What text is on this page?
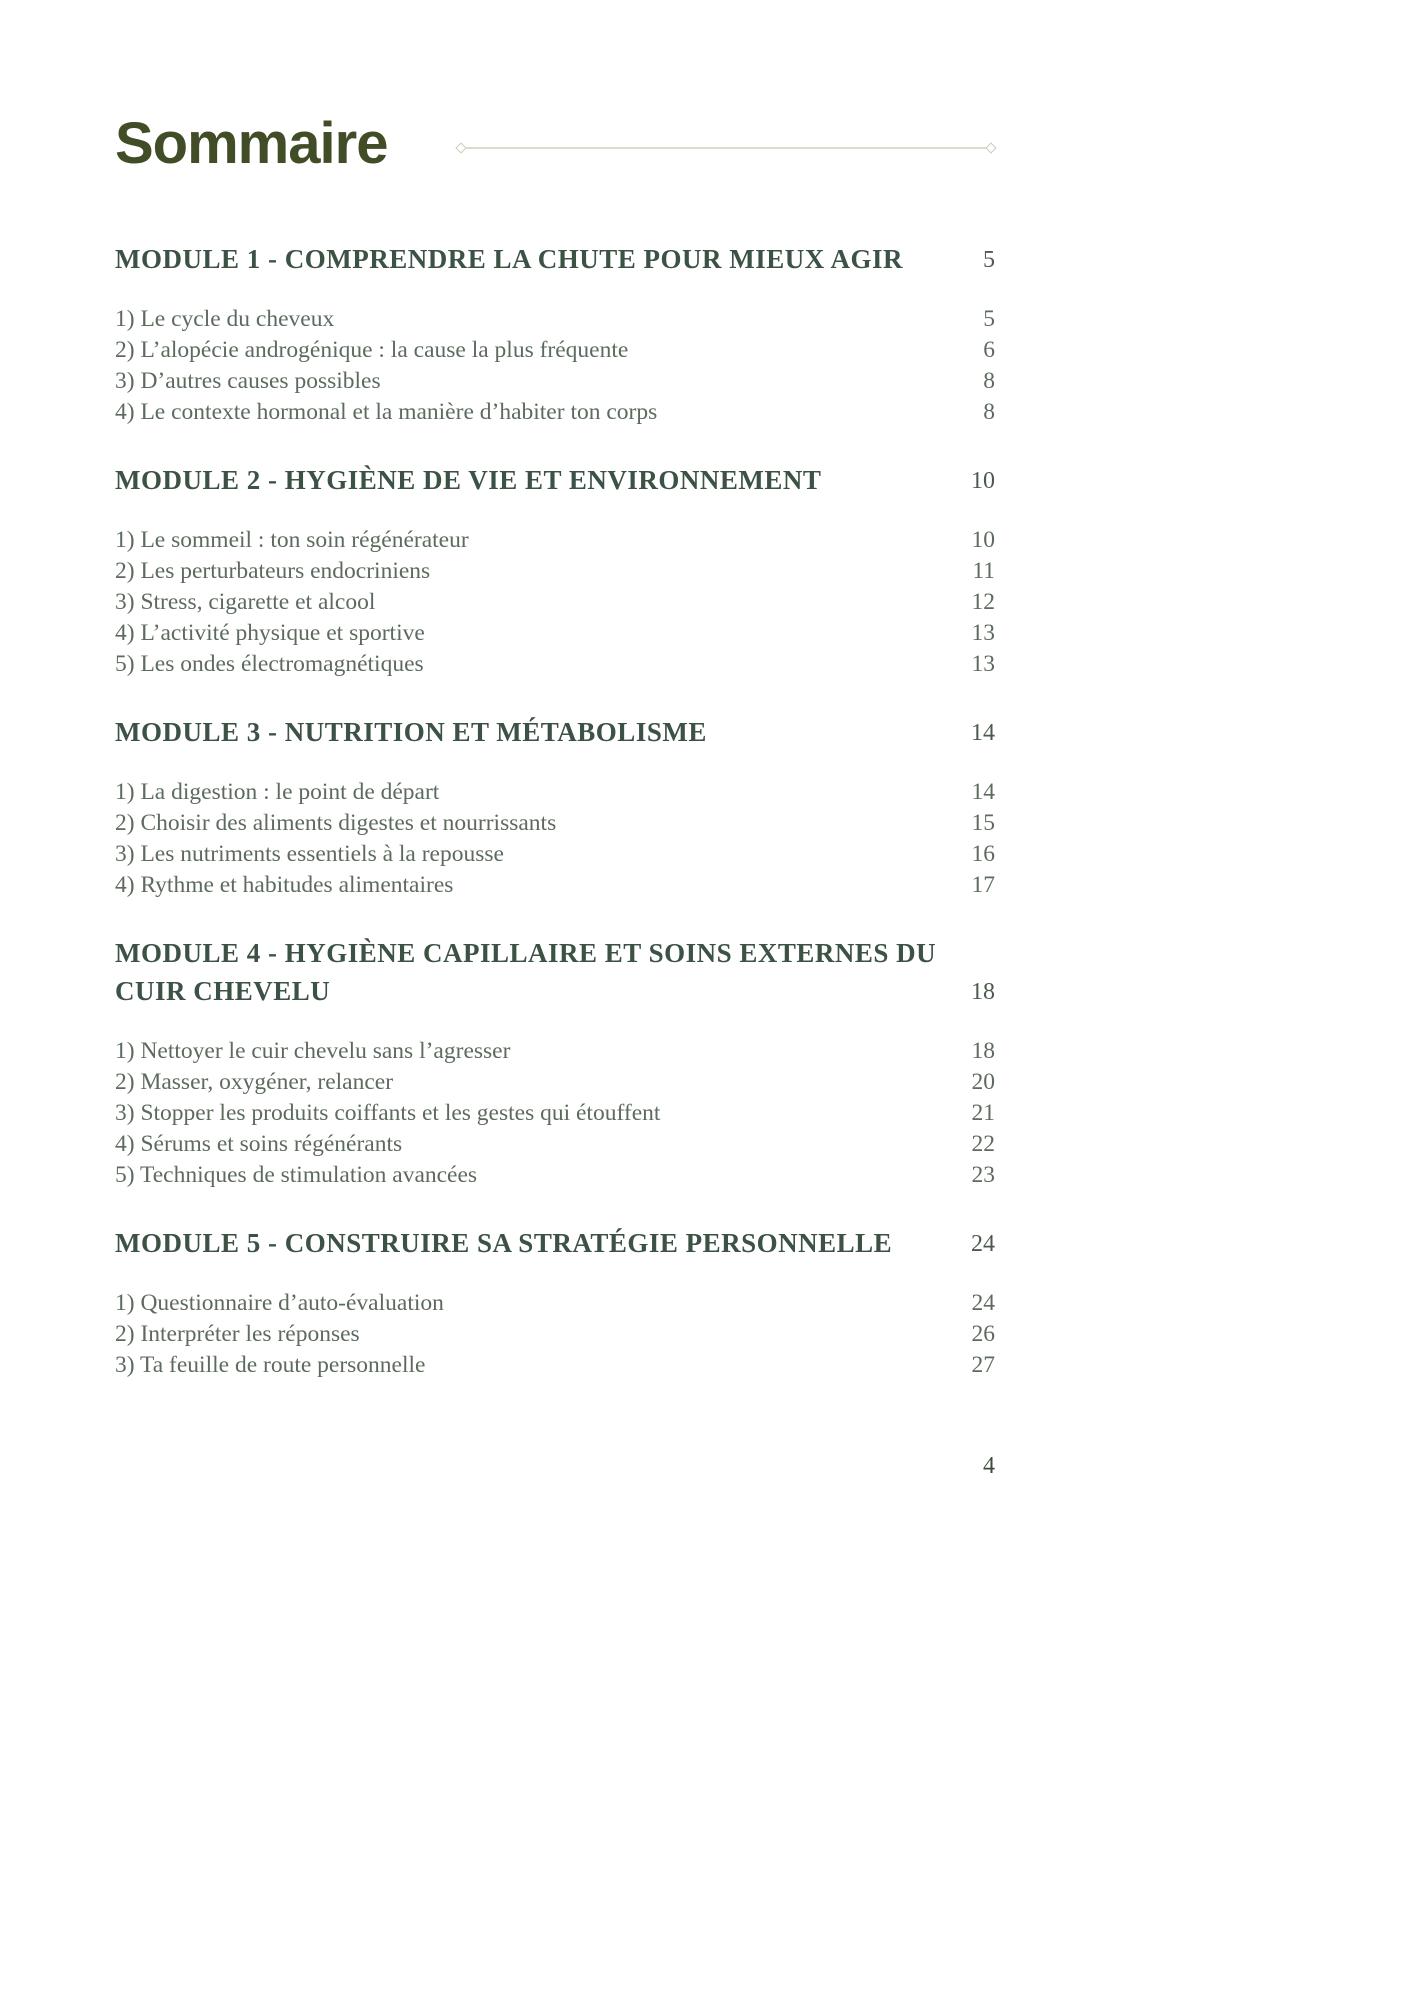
Sommaire
MODULE 1 - COMPRENDRE LA CHUTE POUR MIEUX AGIR	5
1) Le cycle du cheveux	5
2) L’alopécie androgénique : la cause la plus fréquente	6
3) D’autres causes possibles	8
4) Le contexte hormonal et la manière d’habiter ton corps	8
MODULE 2 - HYGIÈNE DE VIE ET ENVIRONNEMENT	10
1) Le sommeil : ton soin régénérateur	10
2) Les perturbateurs endocriniens	11
3) Stress, cigarette et alcool	12
4) L’activité physique et sportive	13
5) Les ondes électromagnétiques	13
MODULE 3 - NUTRITION ET MÉTABOLISME	14
1) La digestion : le point de départ	14
2) Choisir des aliments digestes et nourrissants	15
3) Les nutriments essentiels à la repousse	16
4) Rythme et habitudes alimentaires	17
MODULE 4 - HYGIÈNE CAPILLAIRE ET SOINS EXTERNES DU CUIR CHEVELU	18
1) Nettoyer le cuir chevelu sans l’agresser	18
2) Masser, oxygéner, relancer	20
3) Stopper les produits coiffants et les gestes qui étouffent	21
4) Sérums et soins régénérants	22
5) Techniques de stimulation avancées	23
MODULE 5 - CONSTRUIRE SA STRATÉGIE PERSONNELLE	24
1) Questionnaire d’auto-évaluation	24
2) Interpréter les réponses	26
3) Ta feuille de route personnelle	27
4
